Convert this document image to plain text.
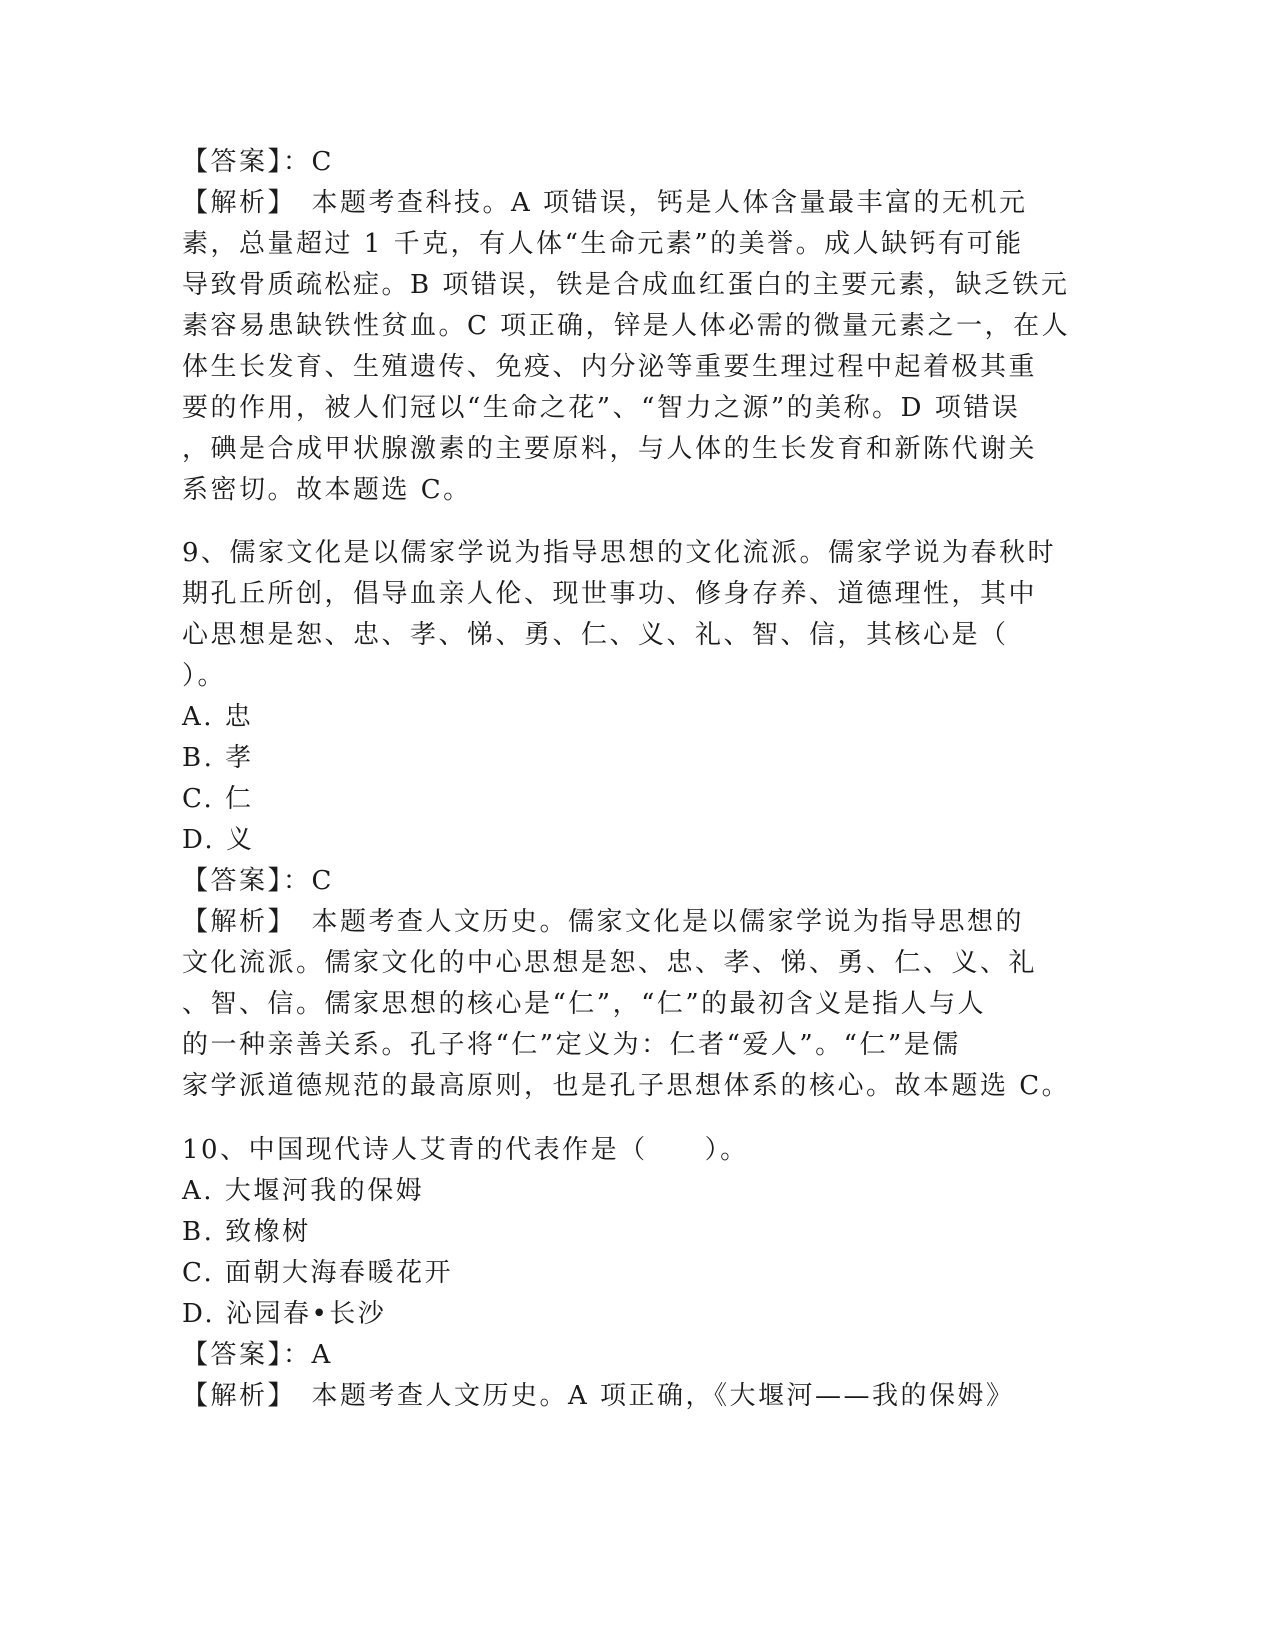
【答案】：C
【解析】　本题考查科技。A 项错误，钙是人体含量最丰富的无机元
素，总量超过 1 千克，有人体“生命元素”的美誉。成人缺钙有可能
导致骨质疏松症。B 项错误，铁是合成血红蛋白的主要元素，缺乏铁元
素容易患缺铁性贫血。C 项正确，锌是人体必需的微量元素之一，在人
体生长发育、生殖遗传、免疫、内分泌等重要生理过程中起着极其重
要的作用，被人们冠以“生命之花”、“智力之源”的美称。D 项错误
，碘是合成甲状腺激素的主要原料，与人体的生长发育和新陈代谢关
系密切。故本题选 C。
9、儒家文化是以儒家学说为指导思想的文化流派。儒家学说为春秋时
期孔丘所创，倡导血亲人伦、现世事功、修身存养、道德理性，其中
心思想是恕、忠、孝、悌、勇、仁、义、礼、智、信，其核心是（
）。
A. 忠
B. 孝
C. 仁
D. 义
【答案】：C
【解析】　本题考查人文历史。儒家文化是以儒家学说为指导思想的
文化流派。儒家文化的中心思想是恕、忠、孝、悌、勇、仁、义、礼
、智、信。儒家思想的核心是“仁”，“仁”的最初含义是指人与人
的一种亲善关系。孔子将“仁”定义为：仁者“爱人”。“仁”是儒
家学派道德规范的最高原则，也是孔子思想体系的核心。故本题选 C。
10、中国现代诗人艾青的代表作是（　　）。
A. 大堰河我的保姆
B. 致橡树
C. 面朝大海春暖花开
D. 沁园春•长沙
【答案】：A
【解析】　本题考查人文历史。A 项正确，《大堰河——我的保姆》
